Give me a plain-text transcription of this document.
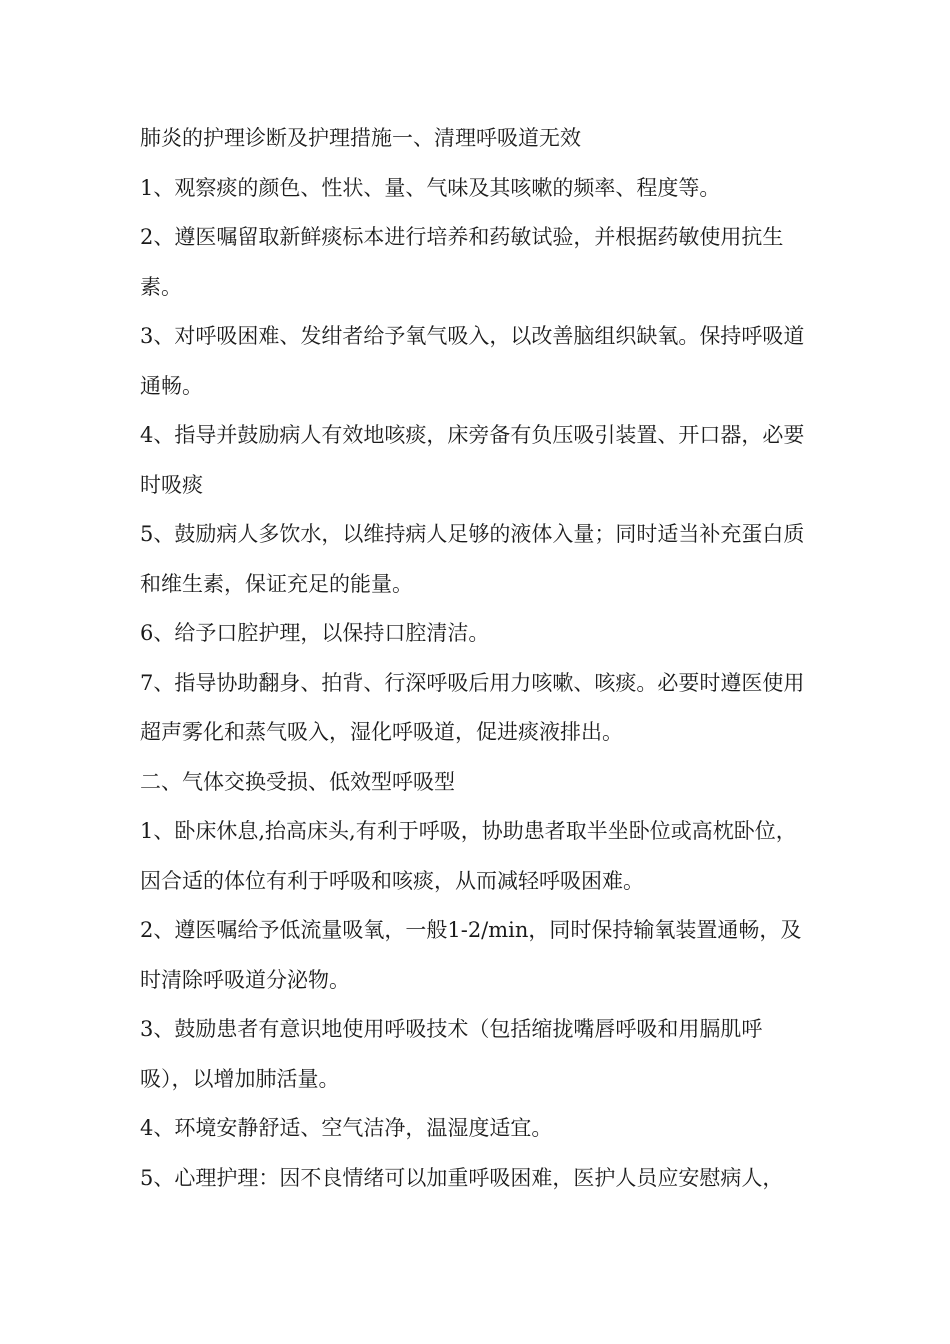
肺炎的护理诊断及护理措施一、清理呼吸道无效

1、观察痰的颜色、性状、量、气味及其咳嗽的频率、程度等。

2、遵医嘱留取新鲜痰标本进行培养和药敏试验，并根据药敏使用抗生素。

3、对呼吸困难、发绀者给予氧气吸入，以改善脑组织缺氧。保持呼吸道通畅。

4、指导并鼓励病人有效地咳痰，床旁备有负压吸引装置、开口器，必要时吸痰

5、鼓励病人多饮水，以维持病人足够的液体入量；同时适当补充蛋白质和维生素，保证充足的能量。

6、给予口腔护理，以保持口腔清洁。

7、指导协助翻身、拍背、行深呼吸后用力咳嗽、咳痰。必要时遵医使用超声雾化和蒸气吸入，湿化呼吸道，促进痰液排出。

二、气体交换受损、低效型呼吸型

1、卧床休息,抬高床头,有利于呼吸，协助患者取半坐卧位或高枕卧位，因合适的体位有利于呼吸和咳痰，从而减轻呼吸困难。

2、遵医嘱给予低流量吸氧，一般1-2/min，同时保持输氧装置通畅，及时清除呼吸道分泌物。

3、鼓励患者有意识地使用呼吸技术（包括缩拢嘴唇呼吸和用膈肌呼吸），以增加肺活量。

4、环境安静舒适、空气洁净，温湿度适宜。

5、心理护理：因不良情绪可以加重呼吸困难，医护人员应安慰病人，
